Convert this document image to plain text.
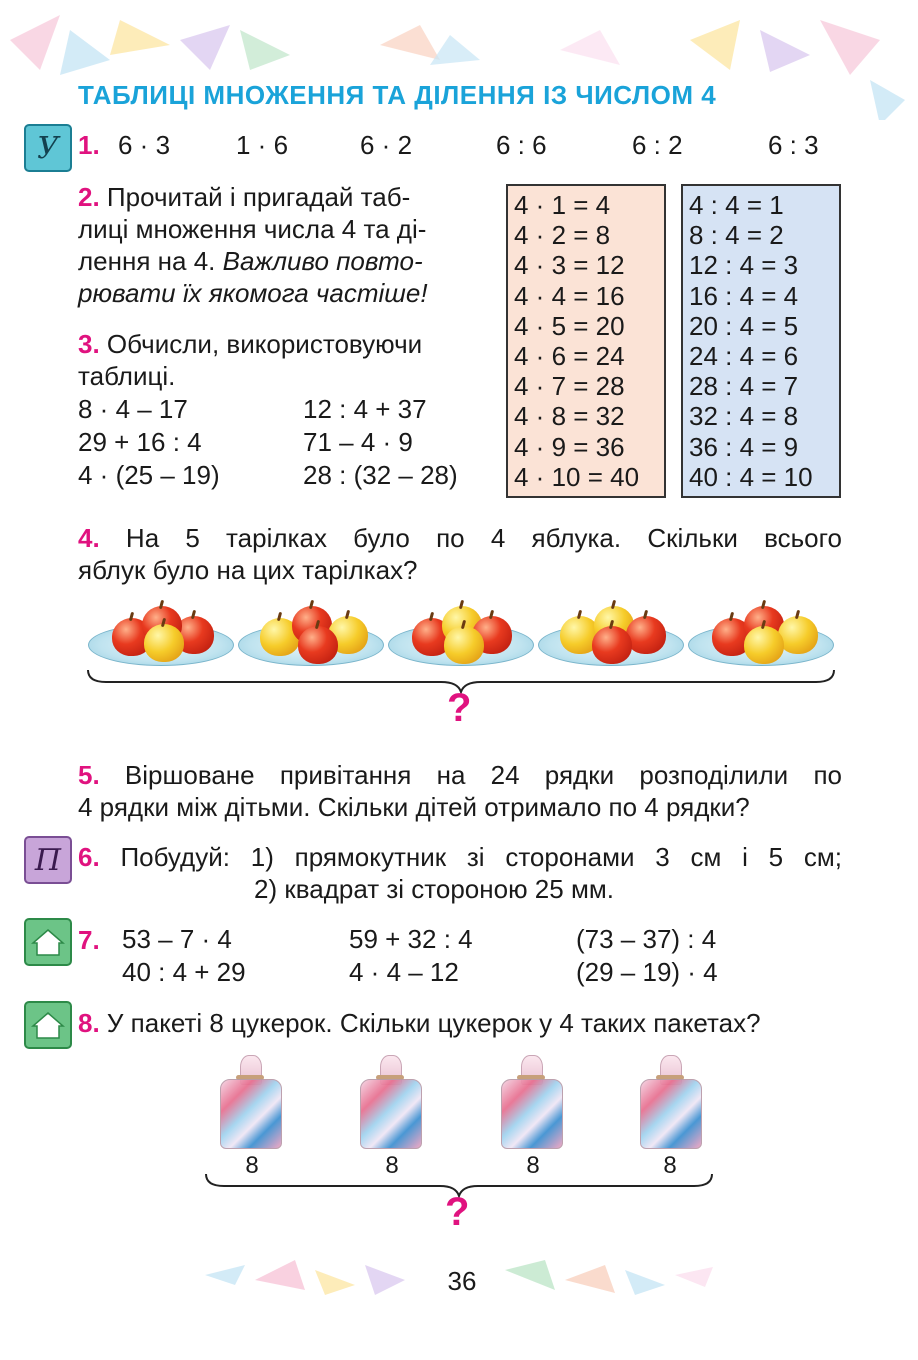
ТАБЛИЦІ МНОЖЕННЯ ТА ДІЛЕННЯ ІЗ ЧИСЛОМ 4
У 1. 6 · 3	1 · 6	6 · 2	6 : 6	6 : 2	6 : 3
2. Прочитай і пригадай таб-
лиці множення числа 4 та ді-
лення на 4. Важливо повто-
рювати їх якомога частіше!
4 · 1 = 4
4 · 2 = 8
4 · 3 = 12
4 · 4 = 16
4 · 5 = 20
4 · 6 = 24
4 · 7 = 28
4 · 8 = 32
4 · 9 = 36
4 · 10 = 40
4 : 4 = 1
8 : 4 = 2
12 : 4 = 3
16 : 4 = 4
20 : 4 = 5
24 : 4 = 6
28 : 4 = 7
32 : 4 = 8
36 : 4 = 9
40 : 4 = 10
3. Обчисли, використовуючи
таблиці.
8 · 4 – 17	12 : 4 + 37
29 + 16 : 4	71 – 4 · 9
4 · (25 – 19)	28 : (32 – 28)
4. На 5 тарілках було по 4 яблука. Скільки всього
яблук було на цих тарілках?
?
5. Віршоване привітання на 24 рядки розподілили по
4 рядки між дітьми. Скільки дітей отримало по 4 рядки?
П 6. Побудуй: 1) прямокутник зі сторонами 3 см і 5 см;
2) квадрат зі стороною 25 мм.
7. 53 – 7 · 4	59 + 32 : 4	(73 – 37) : 4
40 : 4 + 29	4 · 4 – 12	(29 – 19) · 4
8. У пакеті 8 цукерок. Скільки цукерок у 4 таких пакетах?
8	8	8	8
?
36
